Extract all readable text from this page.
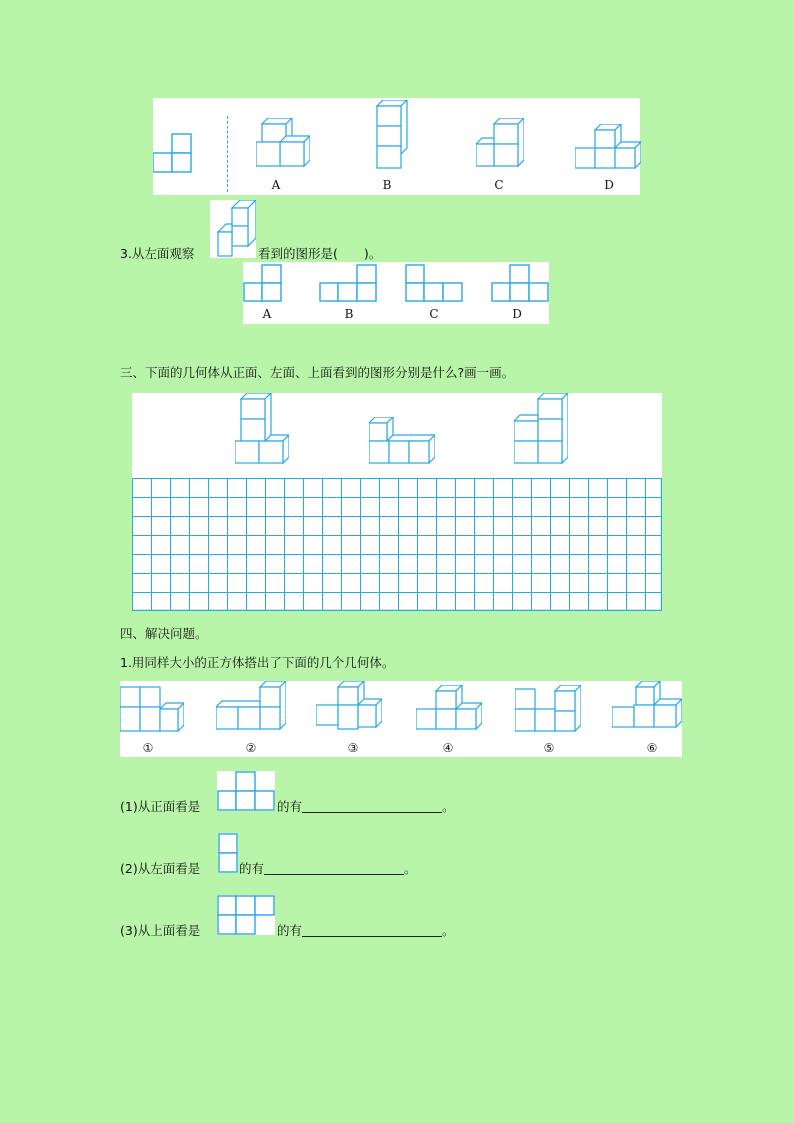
A	B	C	D
3.从左面观察	看到的图形是( )。
A	B	C	D
三、下面的几何体从正面、左面、上面看到的图形分别是什么?画一画。
四、解决问题。
1.用同样大小的正方体搭出了下面的几个几何体。
①	②	③	④	⑤	⑥
(1)从正面看是	的有	。
(2)从左面看是	的有	。
(3)从上面看是	的有	。
